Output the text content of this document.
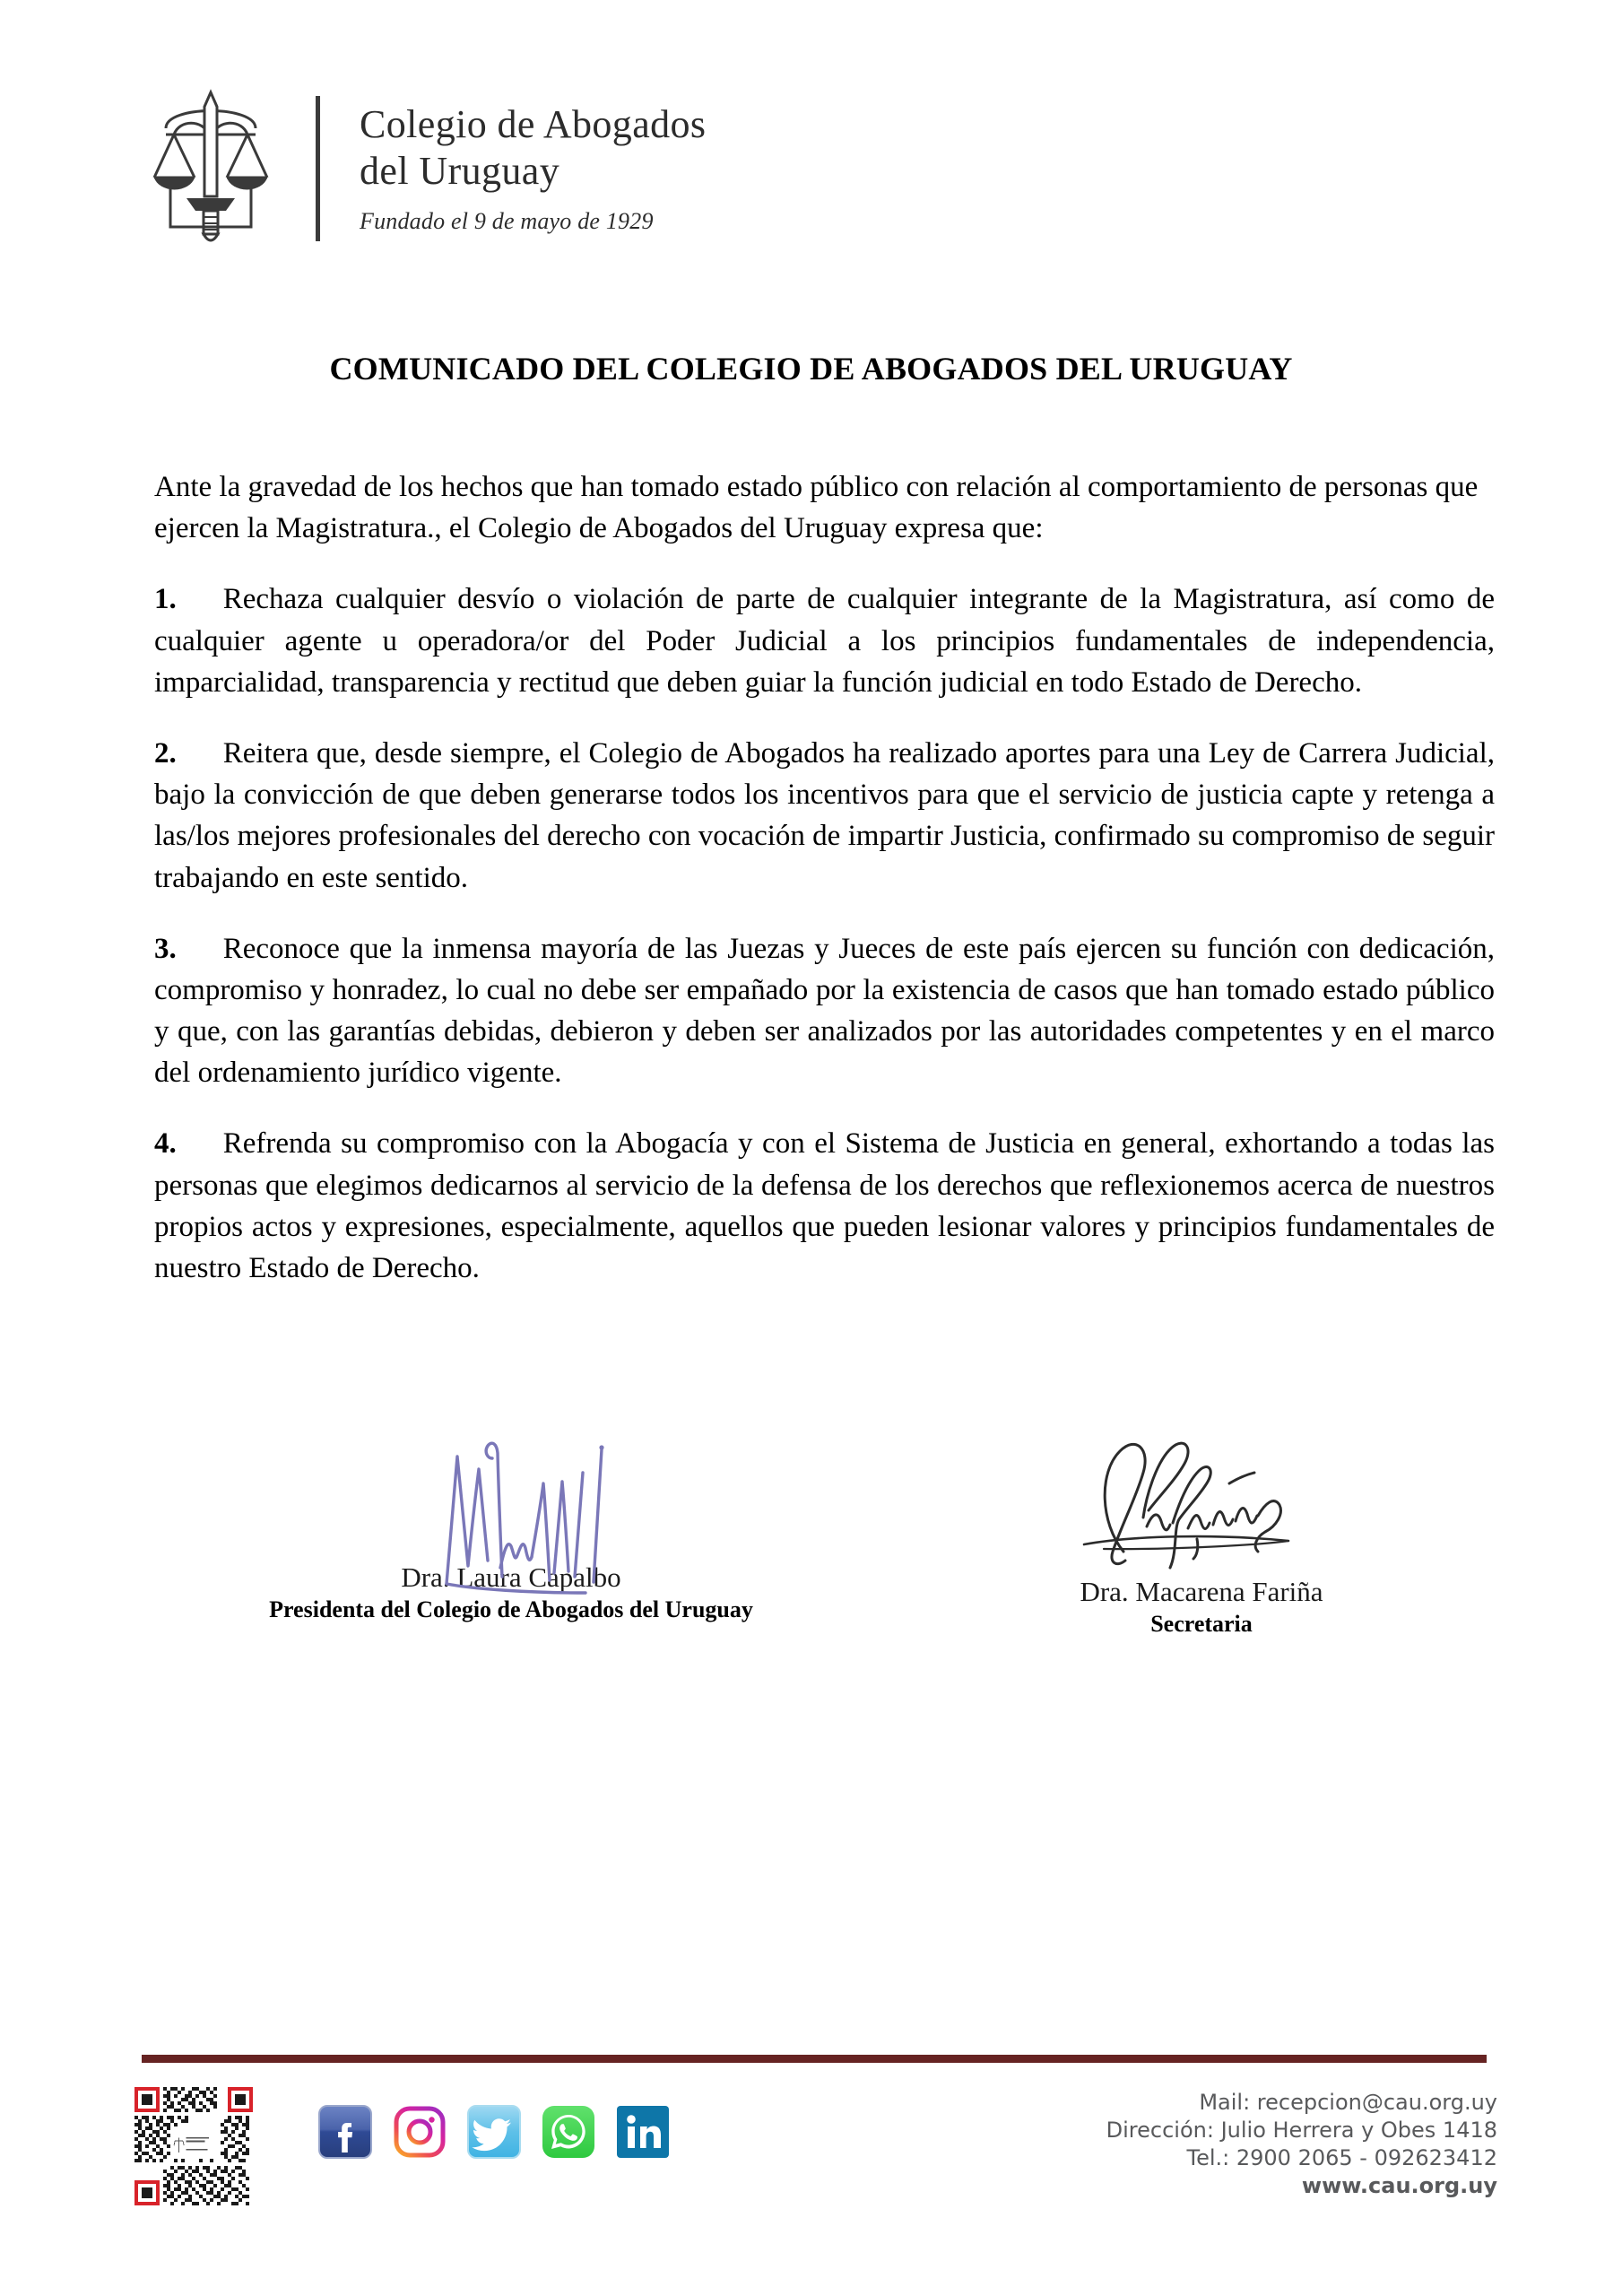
Colegio de Abogados
del Uruguay
Fundado el 9 de mayo de 1929
COMUNICADO DEL COLEGIO DE ABOGADOS DEL URUGUAY

Ante la gravedad de los hechos que han tomado estado público con relación al comportamiento de personas que ejercen la Magistratura., el Colegio de Abogados del Uruguay expresa que:

1. Rechaza cualquier desvío o violación de parte de cualquier integrante de la Magistratura, así como de cualquier agente u operadora/or del Poder Judicial a los principios fundamentales de independencia, imparcialidad, transparencia y rectitud que deben guiar la función judicial en todo Estado de Derecho.

2. Reitera que, desde siempre, el Colegio de Abogados ha realizado aportes para una Ley de Carrera Judicial, bajo la convicción de que deben generarse todos los incentivos para que el servicio de justicia capte y retenga a las/los mejores profesionales del derecho con vocación de impartir Justicia, confirmado su compromiso de seguir trabajando en este sentido.

3. Reconoce que la inmensa mayoría de las Juezas y Jueces de este país ejercen su función con dedicación, compromiso y honradez, lo cual no debe ser empañado por la existencia de casos que han tomado estado público y que, con las garantías debidas, debieron y deben ser analizados por las autoridades competentes y en el marco del ordenamiento jurídico vigente.

4. Refrenda su compromiso con la Abogacía y con el Sistema de Justicia en general, exhortando a todas las personas que elegimos dedicarnos al servicio de la defensa de los derechos que reflexionemos acerca de nuestros propios actos y expresiones, especialmente, aquellos que pueden lesionar valores y principios fundamentales de nuestro Estado de Derecho.

Dra. Laura Capalbo
Presidenta del Colegio de Abogados del Uruguay
Dra. Macarena Fariña
Secretaria
Mail: recepcion@cau.org.uy
Dirección: Julio Herrera y Obes 1418
Tel.: 2900 2065 - 092623412
www.cau.org.uy
